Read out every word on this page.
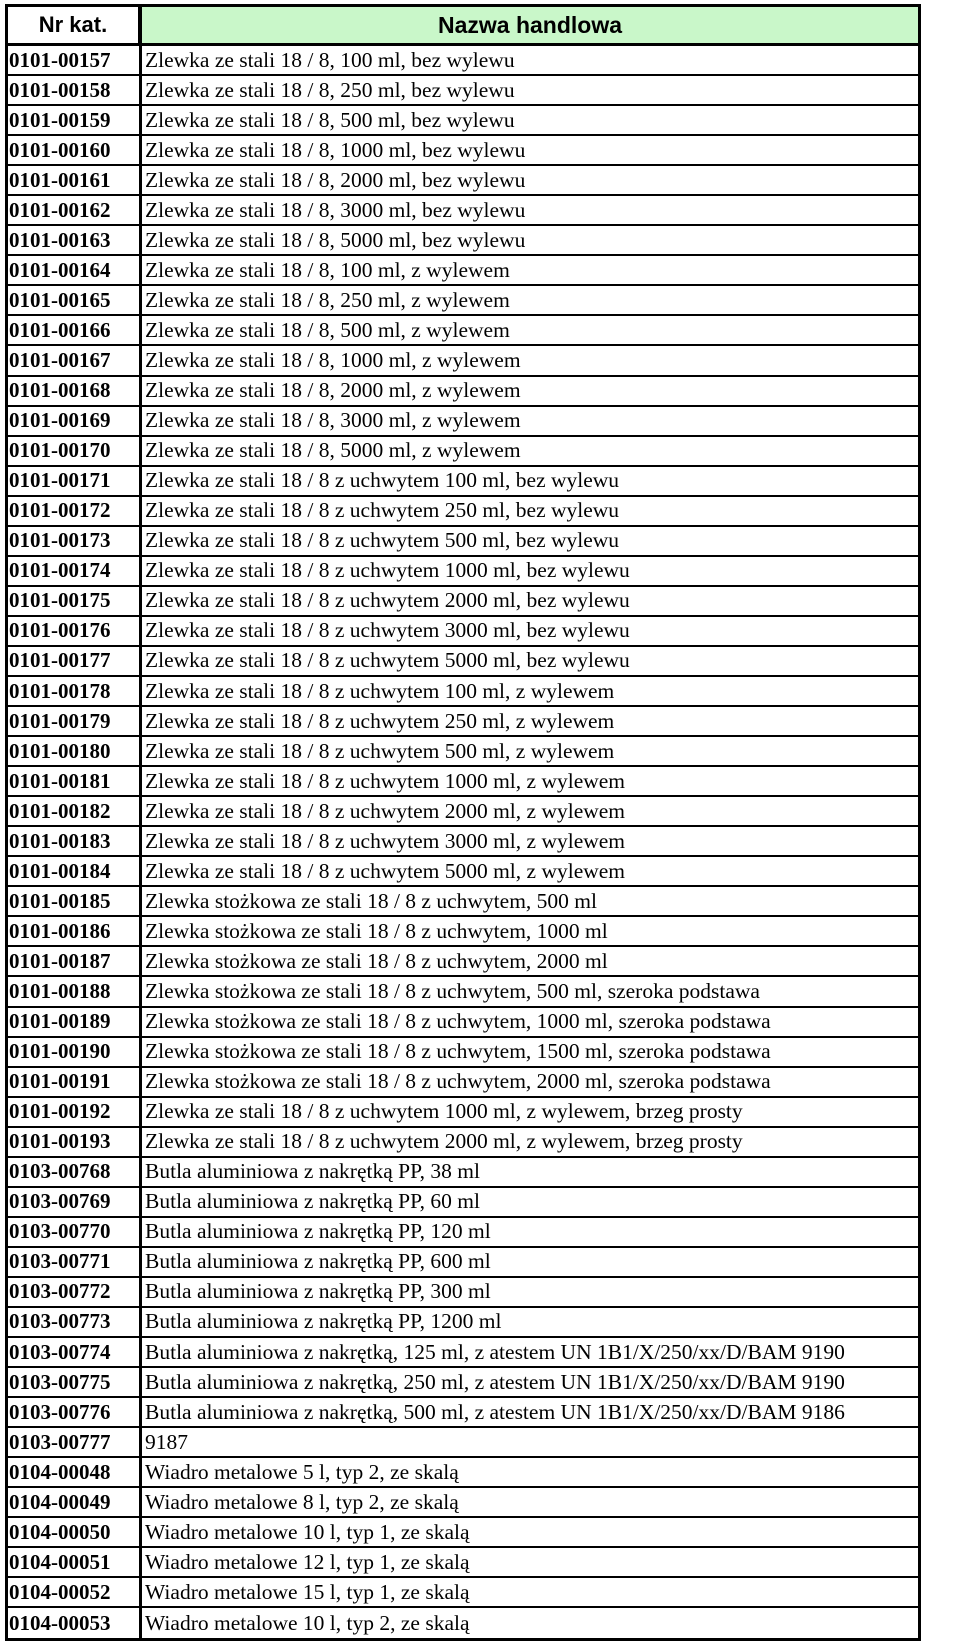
Nr kat.	Nazwa handlowa
0101-00157	Zlewka ze stali 18 / 8, 100 ml, bez wylewu
0101-00158	Zlewka ze stali 18 / 8, 250 ml, bez wylewu
0101-00159	Zlewka ze stali 18 / 8, 500 ml, bez wylewu
0101-00160	Zlewka ze stali 18 / 8, 1000 ml, bez wylewu
0101-00161	Zlewka ze stali 18 / 8, 2000 ml, bez wylewu
0101-00162	Zlewka ze stali 18 / 8, 3000 ml, bez wylewu
0101-00163	Zlewka ze stali 18 / 8, 5000 ml, bez wylewu
0101-00164	Zlewka ze stali 18 / 8, 100 ml, z wylewem
0101-00165	Zlewka ze stali 18 / 8, 250 ml, z wylewem
0101-00166	Zlewka ze stali 18 / 8, 500 ml, z wylewem
0101-00167	Zlewka ze stali 18 / 8, 1000 ml, z wylewem
0101-00168	Zlewka ze stali 18 / 8, 2000 ml, z wylewem
0101-00169	Zlewka ze stali 18 / 8, 3000 ml, z wylewem
0101-00170	Zlewka ze stali 18 / 8, 5000 ml, z wylewem
0101-00171	Zlewka ze stali 18 / 8 z uchwytem 100 ml, bez wylewu
0101-00172	Zlewka ze stali 18 / 8 z uchwytem 250 ml, bez wylewu
0101-00173	Zlewka ze stali 18 / 8 z uchwytem 500 ml, bez wylewu
0101-00174	Zlewka ze stali 18 / 8 z uchwytem 1000 ml, bez wylewu
0101-00175	Zlewka ze stali 18 / 8 z uchwytem 2000 ml, bez wylewu
0101-00176	Zlewka ze stali 18 / 8 z uchwytem 3000 ml, bez wylewu
0101-00177	Zlewka ze stali 18 / 8 z uchwytem 5000 ml, bez wylewu
0101-00178	Zlewka ze stali 18 / 8 z uchwytem 100 ml, z wylewem
0101-00179	Zlewka ze stali 18 / 8 z uchwytem 250 ml, z wylewem
0101-00180	Zlewka ze stali 18 / 8 z uchwytem 500 ml, z wylewem
0101-00181	Zlewka ze stali 18 / 8 z uchwytem 1000 ml, z wylewem
0101-00182	Zlewka ze stali 18 / 8 z uchwytem 2000 ml, z wylewem
0101-00183	Zlewka ze stali 18 / 8 z uchwytem 3000 ml, z wylewem
0101-00184	Zlewka ze stali 18 / 8 z uchwytem 5000 ml, z wylewem
0101-00185	Zlewka stożkowa ze stali 18 / 8 z uchwytem, 500 ml
0101-00186	Zlewka stożkowa ze stali 18 / 8 z uchwytem, 1000 ml
0101-00187	Zlewka stożkowa ze stali 18 / 8 z uchwytem, 2000 ml
0101-00188	Zlewka stożkowa ze stali 18 / 8 z uchwytem, 500 ml, szeroka podstawa
0101-00189	Zlewka stożkowa ze stali 18 / 8 z uchwytem, 1000 ml, szeroka podstawa
0101-00190	Zlewka stożkowa ze stali 18 / 8 z uchwytem, 1500 ml, szeroka podstawa
0101-00191	Zlewka stożkowa ze stali 18 / 8 z uchwytem, 2000 ml, szeroka podstawa
0101-00192	Zlewka ze stali 18 / 8 z uchwytem 1000 ml, z wylewem, brzeg prosty
0101-00193	Zlewka ze stali 18 / 8 z uchwytem 2000 ml, z wylewem, brzeg prosty
0103-00768	Butla aluminiowa z nakrętką PP, 38 ml
0103-00769	Butla aluminiowa z nakrętką PP, 60 ml
0103-00770	Butla aluminiowa z nakrętką PP, 120 ml
0103-00771	Butla aluminiowa z nakrętką PP, 600 ml
0103-00772	Butla aluminiowa z nakrętką PP, 300 ml
0103-00773	Butla aluminiowa z nakrętką PP, 1200 ml
0103-00774	Butla aluminiowa z nakrętką, 125 ml, z atestem UN 1B1/X/250/xx/D/BAM 9190
0103-00775	Butla aluminiowa z nakrętką, 250 ml, z atestem UN 1B1/X/250/xx/D/BAM 9190
0103-00776	Butla aluminiowa z nakrętką, 500 ml, z atestem UN 1B1/X/250/xx/D/BAM 9186
0103-00777	9187
0104-00048	Wiadro metalowe 5 l, typ 2, ze skalą
0104-00049	Wiadro metalowe 8 l, typ 2, ze skalą
0104-00050	Wiadro metalowe 10 l, typ 1, ze skalą
0104-00051	Wiadro metalowe 12 l, typ 1, ze skalą
0104-00052	Wiadro metalowe 15 l, typ 1, ze skalą
0104-00053	Wiadro metalowe 10 l, typ 2, ze skalą
